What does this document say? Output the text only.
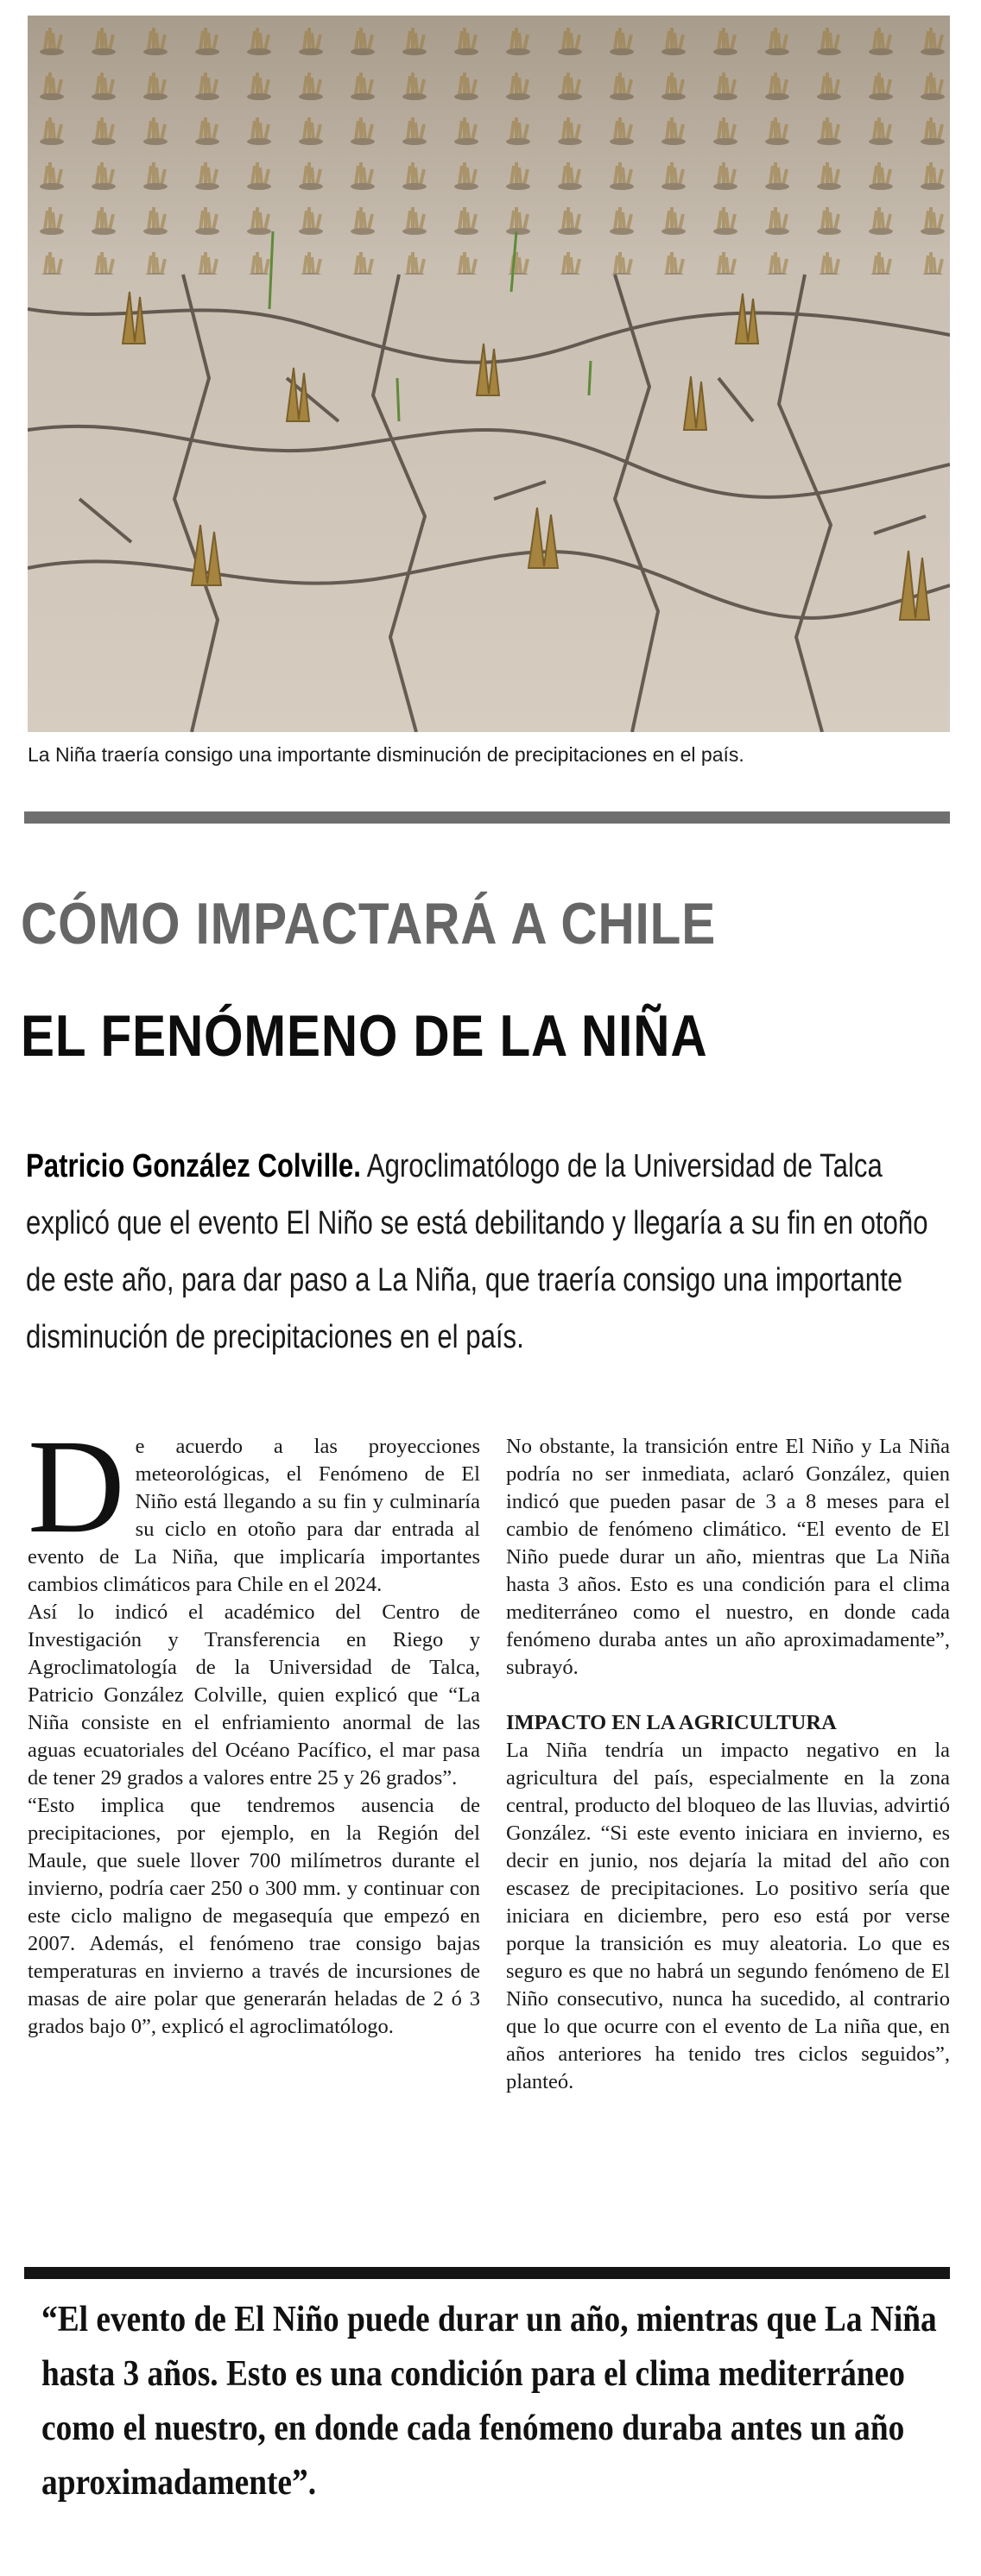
La Niña traería consigo una importante disminución de precipitaciones en el país.
CÓMO IMPACTARÁ A CHILE
EL FENÓMENO DE LA NIÑA
Patricio González Colville. Agroclimatólogo de la Universidad de Talca explicó que el evento El Niño se está debilitando y llegaría a su fin en otoño de este año, para dar paso a La Niña, que traería consigo una importante disminución de precipitaciones en el país.

De acuerdo a las proyecciones meteorológicas, el Fenómeno de El Niño está llegando a su fin y culminaría su ciclo en otoño para dar entrada al evento de La Niña, que implicaría importantes cambios climáticos para Chile en el 2024.

Así lo indicó el académico del Centro de Investigación y Transferencia en Riego y Agroclimatología de la Universidad de Talca, Patricio González Colville, quien explicó que “La Niña consiste en el enfriamiento anormal de las aguas ecuatoriales del Océano Pacífico, el mar pasa de tener 29 grados a valores entre 25 y 26 grados”.

“Esto implica que tendremos ausencia de precipitaciones, por ejemplo, en la Región del Maule, que suele llover 700 milímetros durante el invierno, podría caer 250 o 300 mm. y continuar con este ciclo maligno de megasequía que empezó en 2007. Además, el fenómeno trae consigo bajas temperaturas en invierno a través de incursiones de masas de aire polar que generarán heladas de 2 ó 3 grados bajo 0”, explicó el agroclimatólogo.

No obstante, la transición entre El Niño y La Niña podría no ser inmediata, aclaró González, quien indicó que pueden pasar de 3 a 8 meses para el cambio de fenómeno climático. “El evento de El Niño puede durar un año, mientras que La Niña hasta 3 años. Esto es una condición para el clima mediterráneo como el nuestro, en donde cada fenómeno duraba antes un año aproximadamente”, subrayó.

IMPACTO EN LA AGRICULTURA

La Niña tendría un impacto negativo en la agricultura del país, especialmente en la zona central, producto del bloqueo de las lluvias, advirtió González. “Si este evento iniciara en invierno, es decir en junio, nos dejaría la mitad del año con escasez de precipitaciones. Lo positivo sería que iniciara en diciembre, pero eso está por verse porque la transición es muy aleatoria. Lo que es seguro es que no habrá un segundo fenómeno de El Niño consecutivo, nunca ha sucedido, al contrario que lo que ocurre con el evento de La niña que, en años anteriores ha tenido tres ciclos seguidos”, planteó.

“El evento de El Niño puede durar un año, mientras que La Niña hasta 3 años. Esto es una condición para el clima mediterráneo como el nuestro, en donde cada fenómeno duraba antes un año aproximadamente”.
